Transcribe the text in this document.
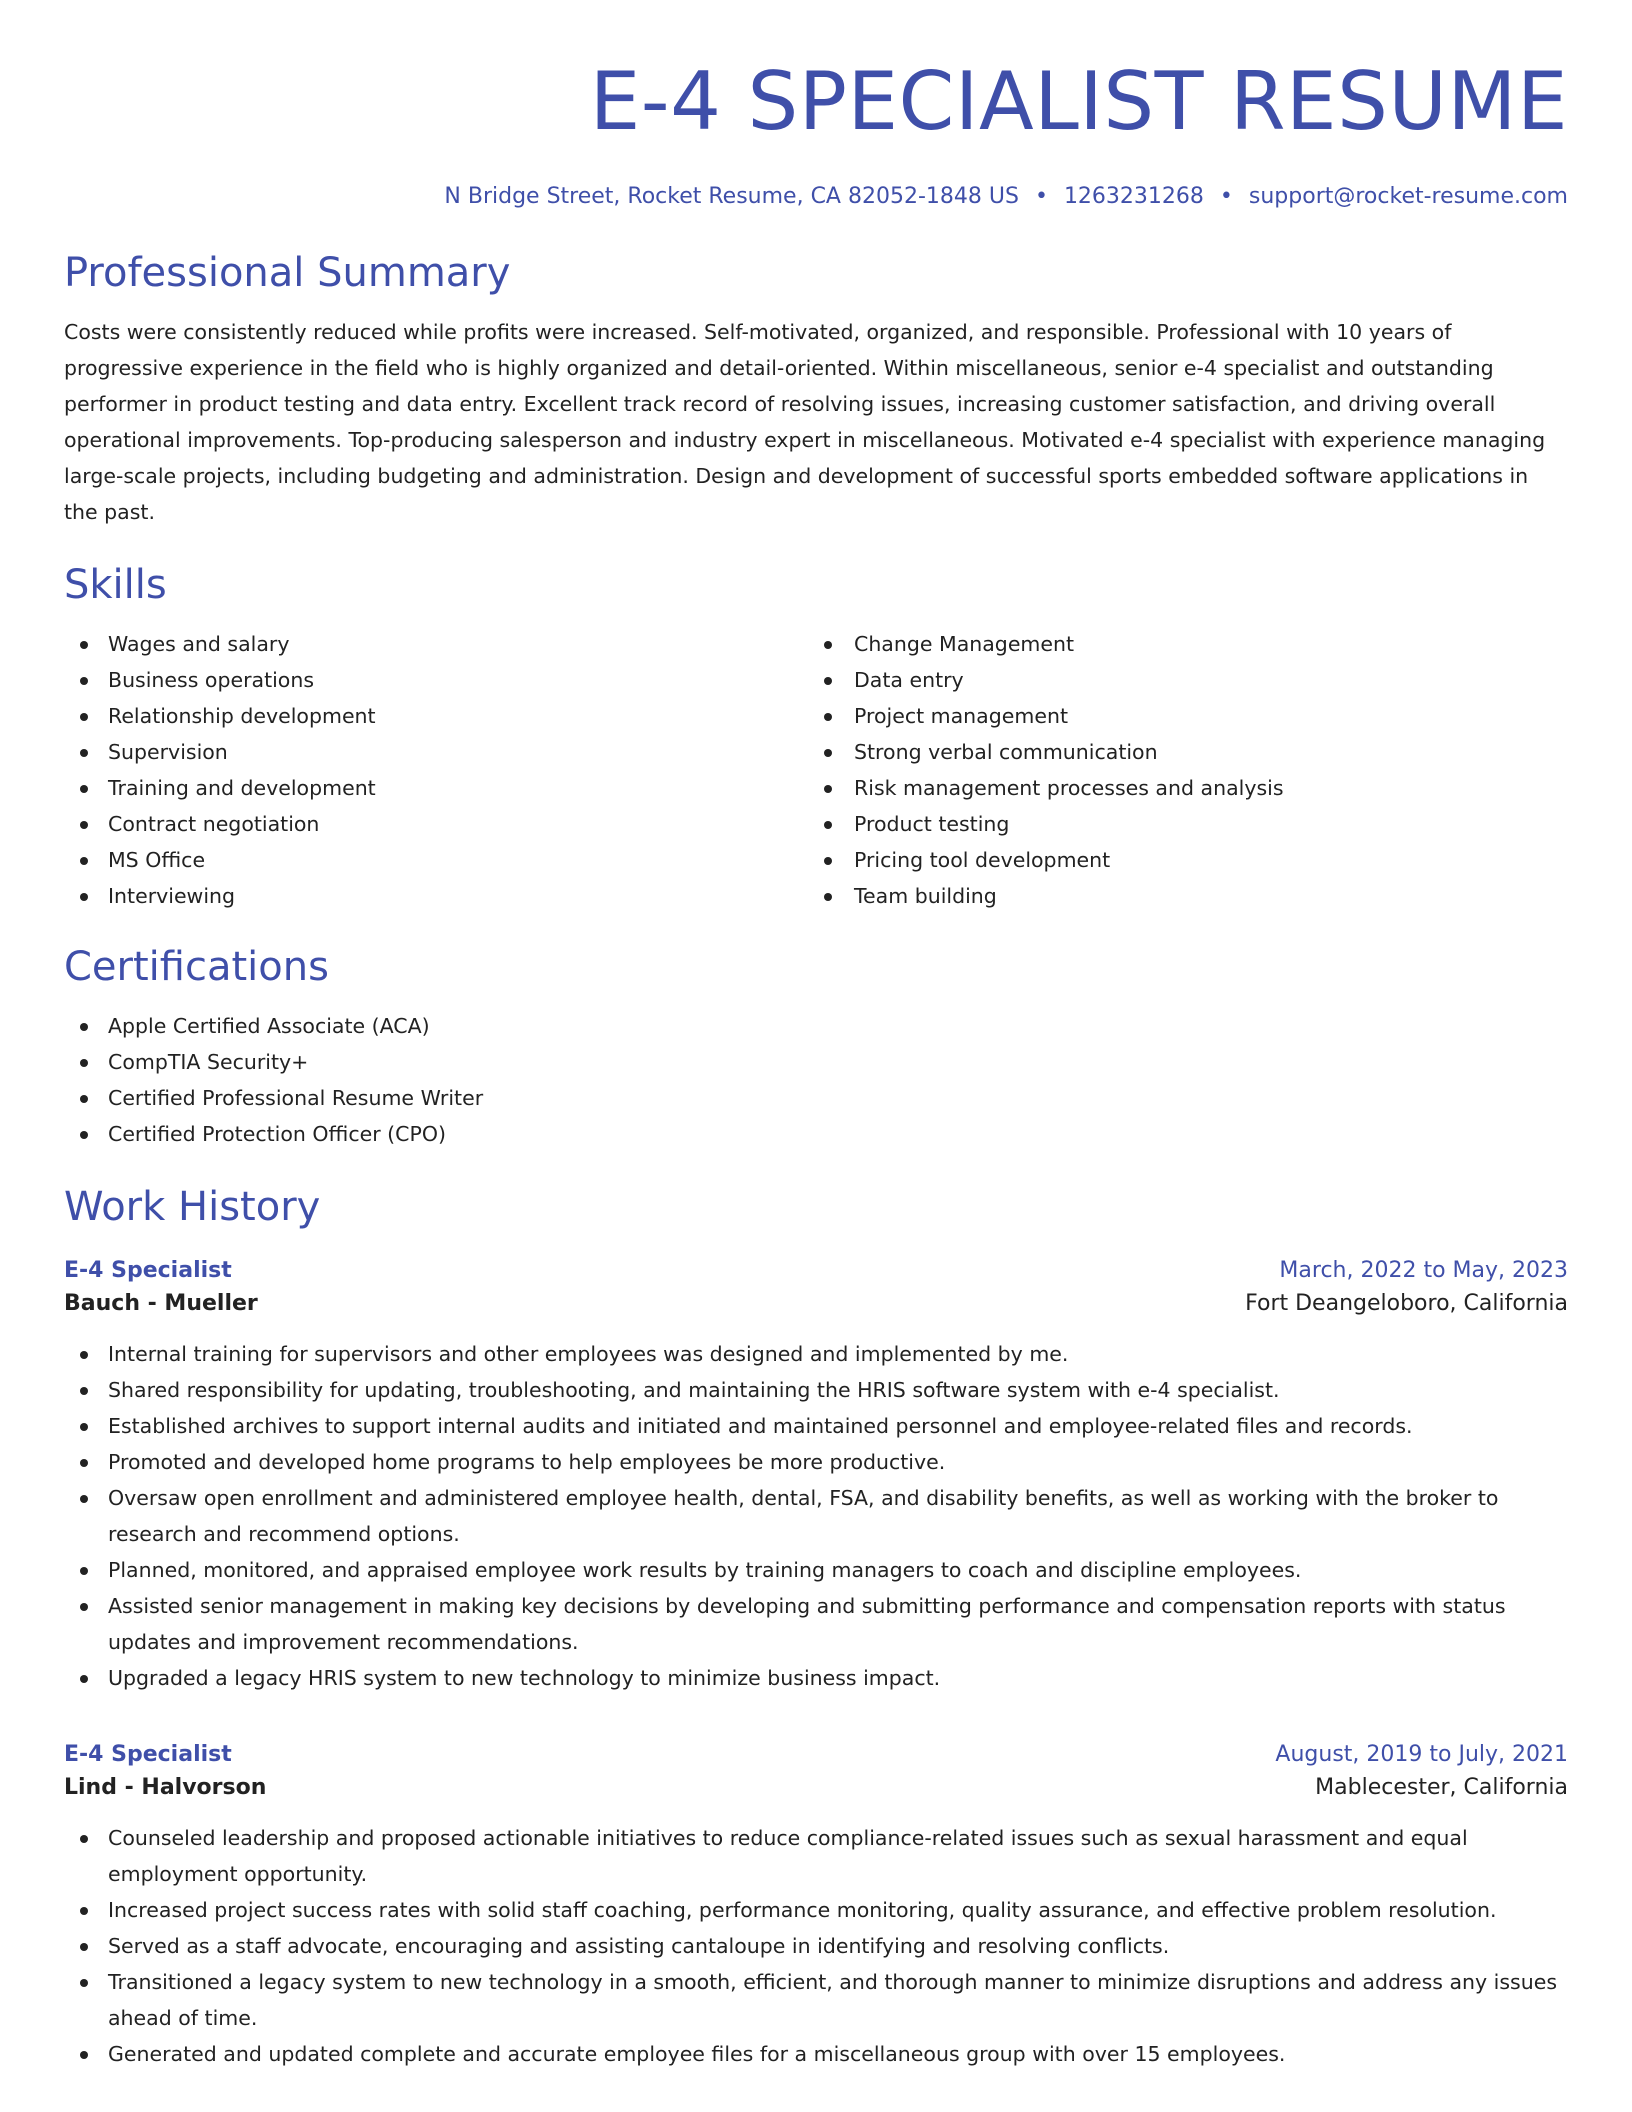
E-4 SPECIALIST RESUME
N Bridge Street, Rocket Resume, CA 82052-1848 US • 1263231268 • support@rocket-resume.com
Professional Summary

Costs were consistently reduced while profits were increased. Self-motivated, organized, and responsible. Professional with 10 years of progressive experience in the field who is highly organized and detail-oriented. Within miscellaneous, senior e-4 specialist and outstanding performer in product testing and data entry. Excellent track record of resolving issues, increasing customer satisfaction, and driving overall operational improvements. Top-producing salesperson and industry expert in miscellaneous. Motivated e-4 specialist with experience managing large-scale projects, including budgeting and administration. Design and development of successful sports embedded software applications in the past.

Skills
Wages and salary
Business operations
Relationship development
Supervision
Training and development
Contract negotiation
MS Office
Interviewing
Change Management
Data entry
Project management
Strong verbal communication
Risk management processes and analysis
Product testing
Pricing tool development
Team building
Certifications
Apple Certified Associate (ACA)
CompTIA Security+
Certified Professional Resume Writer
Certified Protection Officer (CPO)
Work History
E-4 Specialist	March, 2022 to May, 2023
Bauch - Mueller	Fort Deangeloboro, California
Internal training for supervisors and other employees was designed and implemented by me.
Shared responsibility for updating, troubleshooting, and maintaining the HRIS software system with e-4 specialist.
Established archives to support internal audits and initiated and maintained personnel and employee-related files and records.
Promoted and developed home programs to help employees be more productive.
Oversaw open enrollment and administered employee health, dental, FSA, and disability benefits, as well as working with the broker to research and recommend options.
Planned, monitored, and appraised employee work results by training managers to coach and discipline employees.
Assisted senior management in making key decisions by developing and submitting performance and compensation reports with status updates and improvement recommendations.
Upgraded a legacy HRIS system to new technology to minimize business impact.
E-4 Specialist	August, 2019 to July, 2021
Lind - Halvorson	Mablecester, California
Counseled leadership and proposed actionable initiatives to reduce compliance-related issues such as sexual harassment and equal employment opportunity.
Increased project success rates with solid staff coaching, performance monitoring, quality assurance, and effective problem resolution.
Served as a staff advocate, encouraging and assisting cantaloupe in identifying and resolving conflicts.
Transitioned a legacy system to new technology in a smooth, efficient, and thorough manner to minimize disruptions and address any issues ahead of time.
Generated and updated complete and accurate employee files for a miscellaneous group with over 15 employees.
